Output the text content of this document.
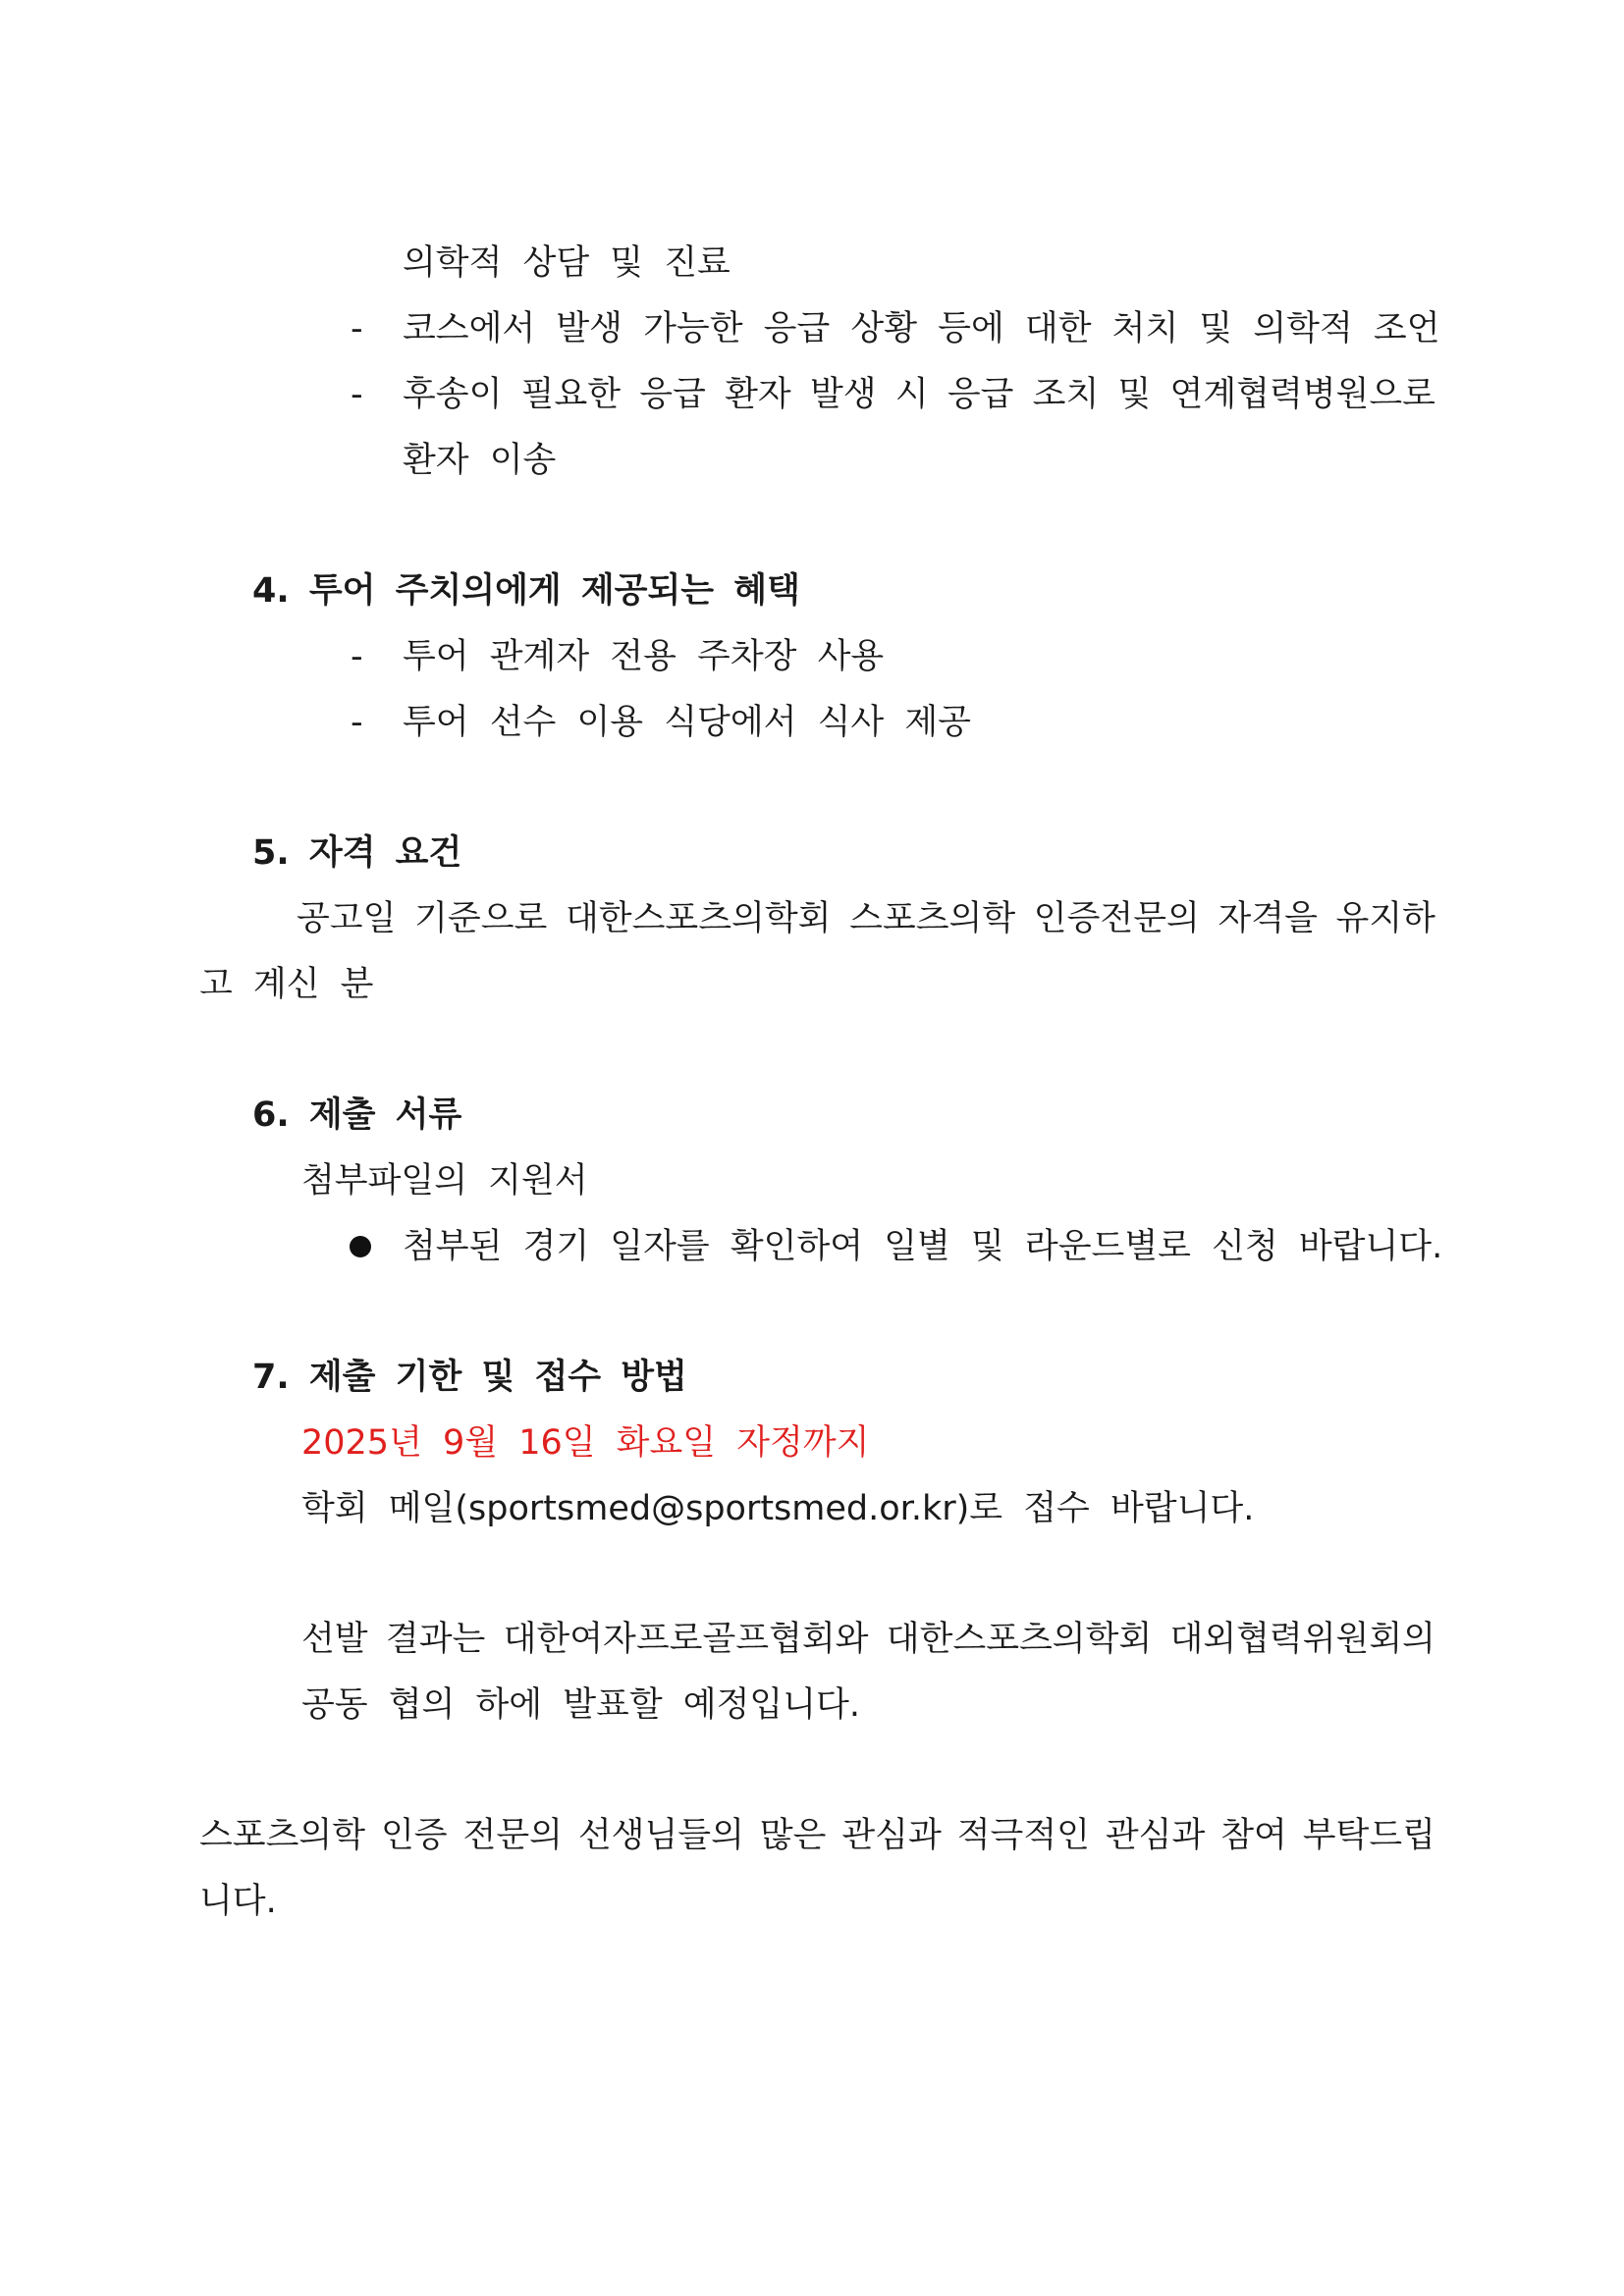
의학적 상담 및 진료
- 코스에서 발생 가능한 응급 상황 등에 대한 처치 및 의학적 조언
- 후송이 필요한 응급 환자 발생 시 응급 조치 및 연계협력병원으로
환자 이송
4. 투어 주치의에게 제공되는 혜택
- 투어 관계자 전용 주차장 사용
- 투어 선수 이용 식당에서 식사 제공
5. 자격 요건
공고일 기준으로 대한스포츠의학회 스포츠의학 인증전문의 자격을 유지하
고 계신 분
6. 제출 서류
첨부파일의 지원서
첨부된 경기 일자를 확인하여 일별 및 라운드별로 신청 바랍니다.
7. 제출 기한 및 접수 방법
2025년 9월 16일 화요일 자정까지
학회 메일(sportsmed@sportsmed.or.kr)로 접수 바랍니다.
선발 결과는 대한여자프로골프협회와 대한스포츠의학회 대외협력위원회의
공동 협의 하에 발표할 예정입니다.
스포츠의학 인증 전문의 선생님들의 많은 관심과 적극적인 관심과 참여 부탁드립
니다.
